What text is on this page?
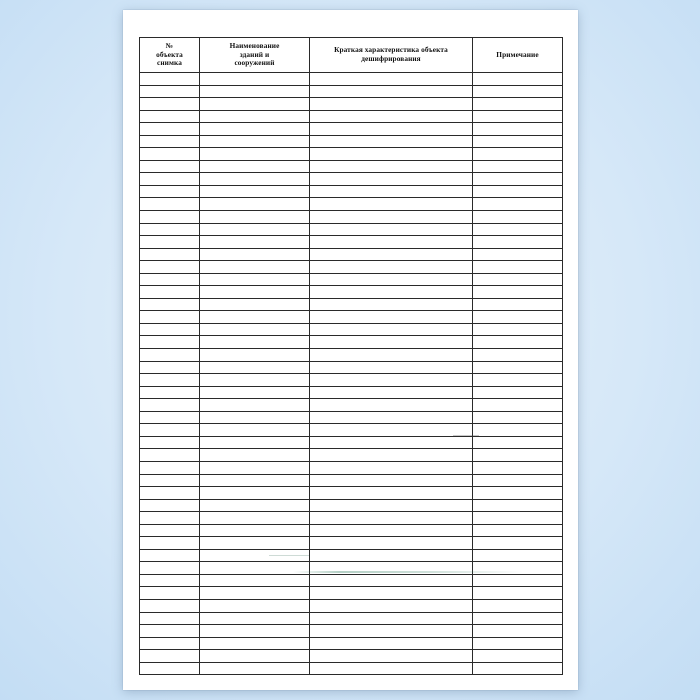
№
объекта
снимка	Наименование
зданий и
сооружений	Краткая характеристика объекта
дешифрирования	Примечание
